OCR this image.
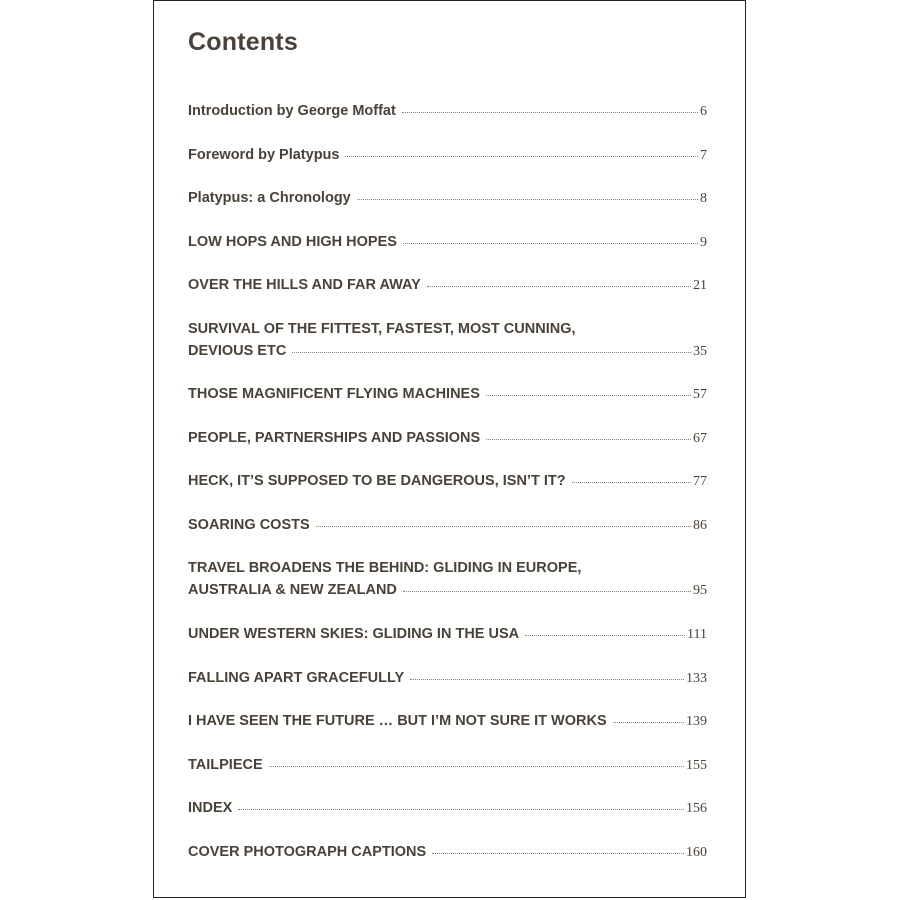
Contents
Introduction by George Moffat	6
Foreword by Platypus	7
Platypus: a Chronology	8
LOW HOPS AND HIGH HOPES	9
OVER THE HILLS AND FAR AWAY	21
SURVIVAL OF THE FITTEST, FASTEST, MOST CUNNING,
DEVIOUS ETC	35
THOSE MAGNIFICENT FLYING MACHINES	57
PEOPLE, PARTNERSHIPS AND PASSIONS	67
HECK, IT’S SUPPOSED TO BE DANGEROUS, ISN’T IT?	77
SOARING COSTS	86
TRAVEL BROADENS THE BEHIND: GLIDING IN EUROPE,
AUSTRALIA & NEW ZEALAND	95
UNDER WESTERN SKIES: GLIDING IN THE USA	111
FALLING APART GRACEFULLY	133
I HAVE SEEN THE FUTURE … BUT I’M NOT SURE IT WORKS	139
TAILPIECE	155
INDEX	156
COVER PHOTOGRAPH CAPTIONS	160
